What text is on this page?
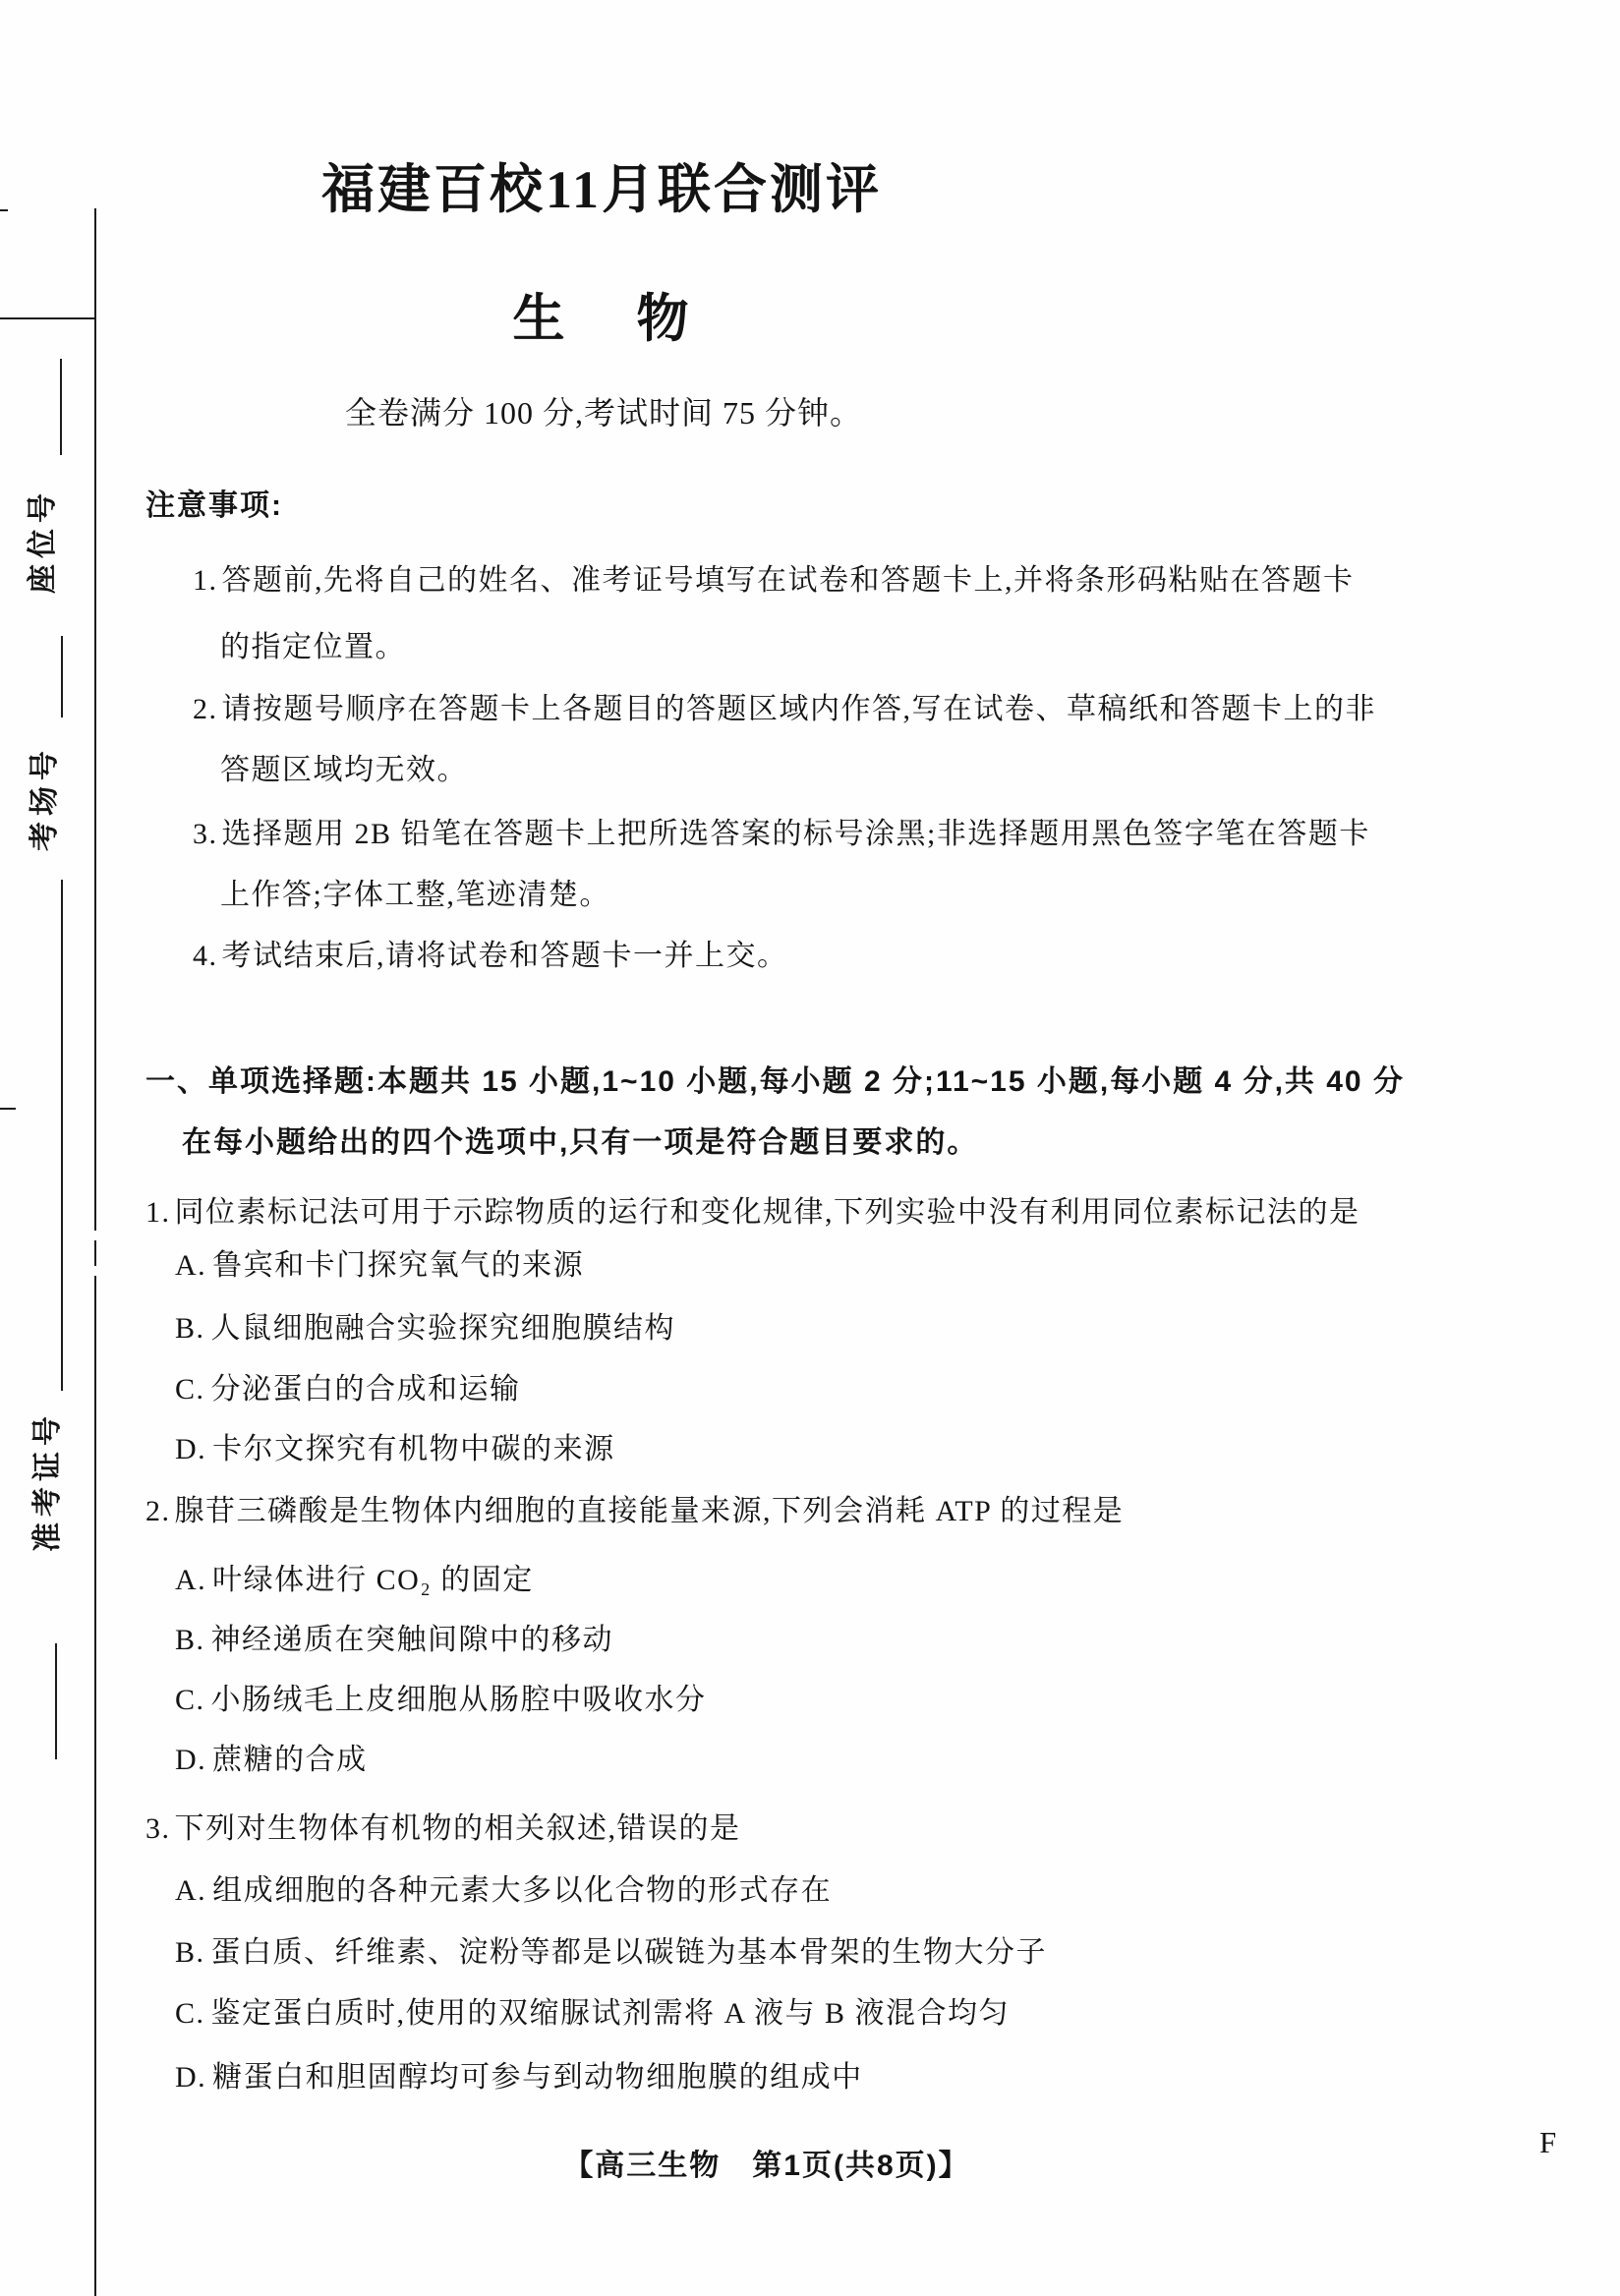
座位号
考场号
准考证号
福建百校11月联合测评
生　物
全卷满分 100 分,考试时间 75 分钟。
注意事项:
1. 答题前,先将自己的姓名、准考证号填写在试卷和答题卡上,并将条形码粘贴在答题卡
的指定位置。
2. 请按题号顺序在答题卡上各题目的答题区域内作答,写在试卷、草稿纸和答题卡上的非
答题区域均无效。
3. 选择题用 2B 铅笔在答题卡上把所选答案的标号涂黑;非选择题用黑色签字笔在答题卡
上作答;字体工整,笔迹清楚。
4. 考试结束后,请将试卷和答题卡一并上交。
一、单项选择题:本题共 15 小题,1~10 小题,每小题 2 分;11~15 小题,每小题 4 分,共 40 分
在每小题给出的四个选项中,只有一项是符合题目要求的。
1. 同位素标记法可用于示踪物质的运行和变化规律,下列实验中没有利用同位素标记法的是
A. 鲁宾和卡门探究氧气的来源
B. 人鼠细胞融合实验探究细胞膜结构
C. 分泌蛋白的合成和运输
D. 卡尔文探究有机物中碳的来源
2. 腺苷三磷酸是生物体内细胞的直接能量来源,下列会消耗 ATP 的过程是
A. 叶绿体进行 CO₂ 的固定
B. 神经递质在突触间隙中的移动
C. 小肠绒毛上皮细胞从肠腔中吸收水分
D. 蔗糖的合成
3. 下列对生物体有机物的相关叙述,错误的是
A. 组成细胞的各种元素大多以化合物的形式存在
B. 蛋白质、纤维素、淀粉等都是以碳链为基本骨架的生物大分子
C. 鉴定蛋白质时,使用的双缩脲试剂需将 A 液与 B 液混合均匀
D. 糖蛋白和胆固醇均可参与到动物细胞膜的组成中
【高三生物　第1页(共8页)】
F
